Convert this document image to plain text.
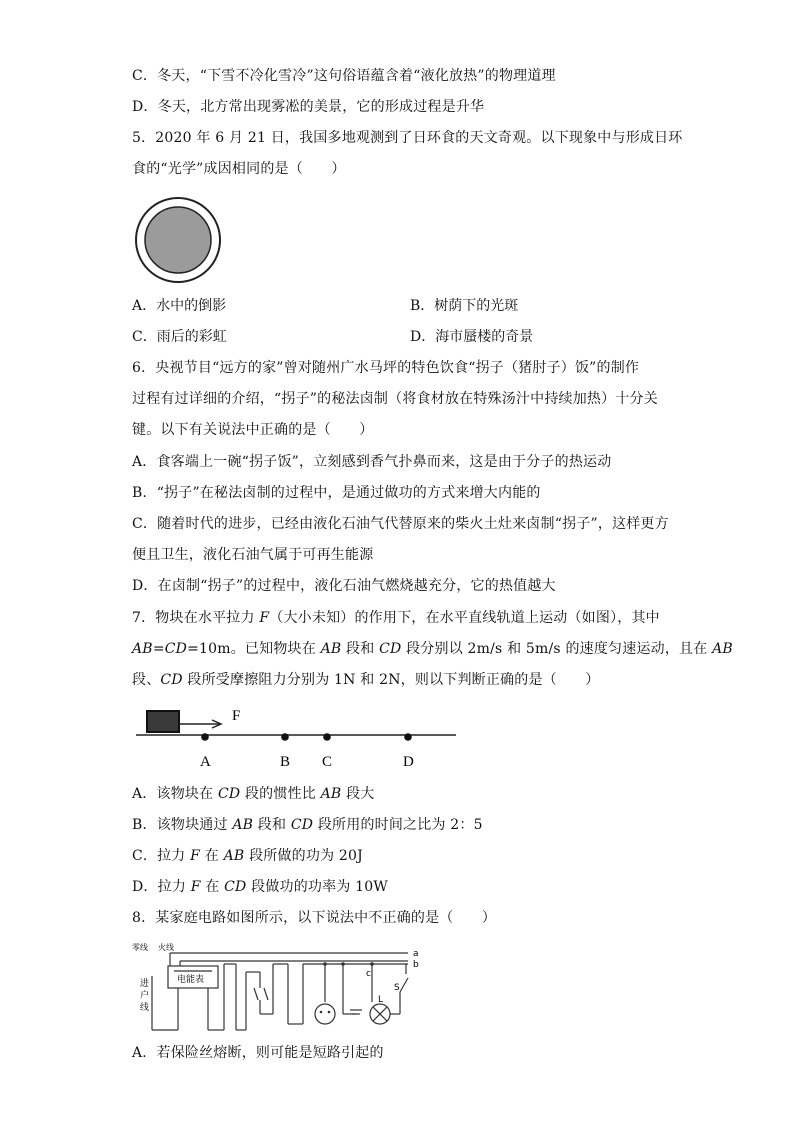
C．冬天，“下雪不冷化雪冷”这句俗语蕴含着“液化放热”的物理道理
D．冬天，北方常出现雾凇的美景，它的形成过程是升华
5．2020 年 6 月 21 日，我国多地观测到了日环食的天文奇观。以下现象中与形成日环
食的“光学”成因相同的是（　　）
A．水中的倒影	B．树荫下的光斑
C．雨后的彩虹	D．海市蜃楼的奇景
6．央视节目“远方的家”曾对随州广水马坪的特色饮食“拐子（猪肘子）饭”的制作
过程有过详细的介绍，“拐子”的秘法卤制（将食材放在特殊汤汁中持续加热）十分关
键。以下有关说法中正确的是（　　）
A．食客端上一碗“拐子饭”，立刻感到香气扑鼻而来，这是由于分子的热运动
B．“拐子”在秘法卤制的过程中，是通过做功的方式来增大内能的
C．随着时代的进步，已经由液化石油气代替原来的柴火土灶来卤制“拐子”，这样更方
便且卫生，液化石油气属于可再生能源
D．在卤制“拐子”的过程中，液化石油气燃烧越充分，它的热值越大
7．物块在水平拉力 F（大小未知）的作用下，在水平直线轨道上运动（如图），其中
AB=CD=10m。已知物块在 AB 段和 CD 段分别以 2m/s 和 5m/s 的速度匀速运动，且在 AB
段、CD 段所受摩擦阻力分别为 1N 和 2N，则以下判断正确的是（　　）
F
A	B C	D
A．该物块在 CD 段的惯性比 AB 段大
B．该物块通过 AB 段和 CD 段所用的时间之比为 2：5
C．拉力 F 在 AB 段所做的功为 20J
D．拉力 F 在 CD 段做功的功率为 10W
8．某家庭电路如图所示，以下说法中不正确的是（　　）
零线 火线
电能表
进
户
线
a
b
c
L
S
A．若保险丝熔断，则可能是短路引起的
